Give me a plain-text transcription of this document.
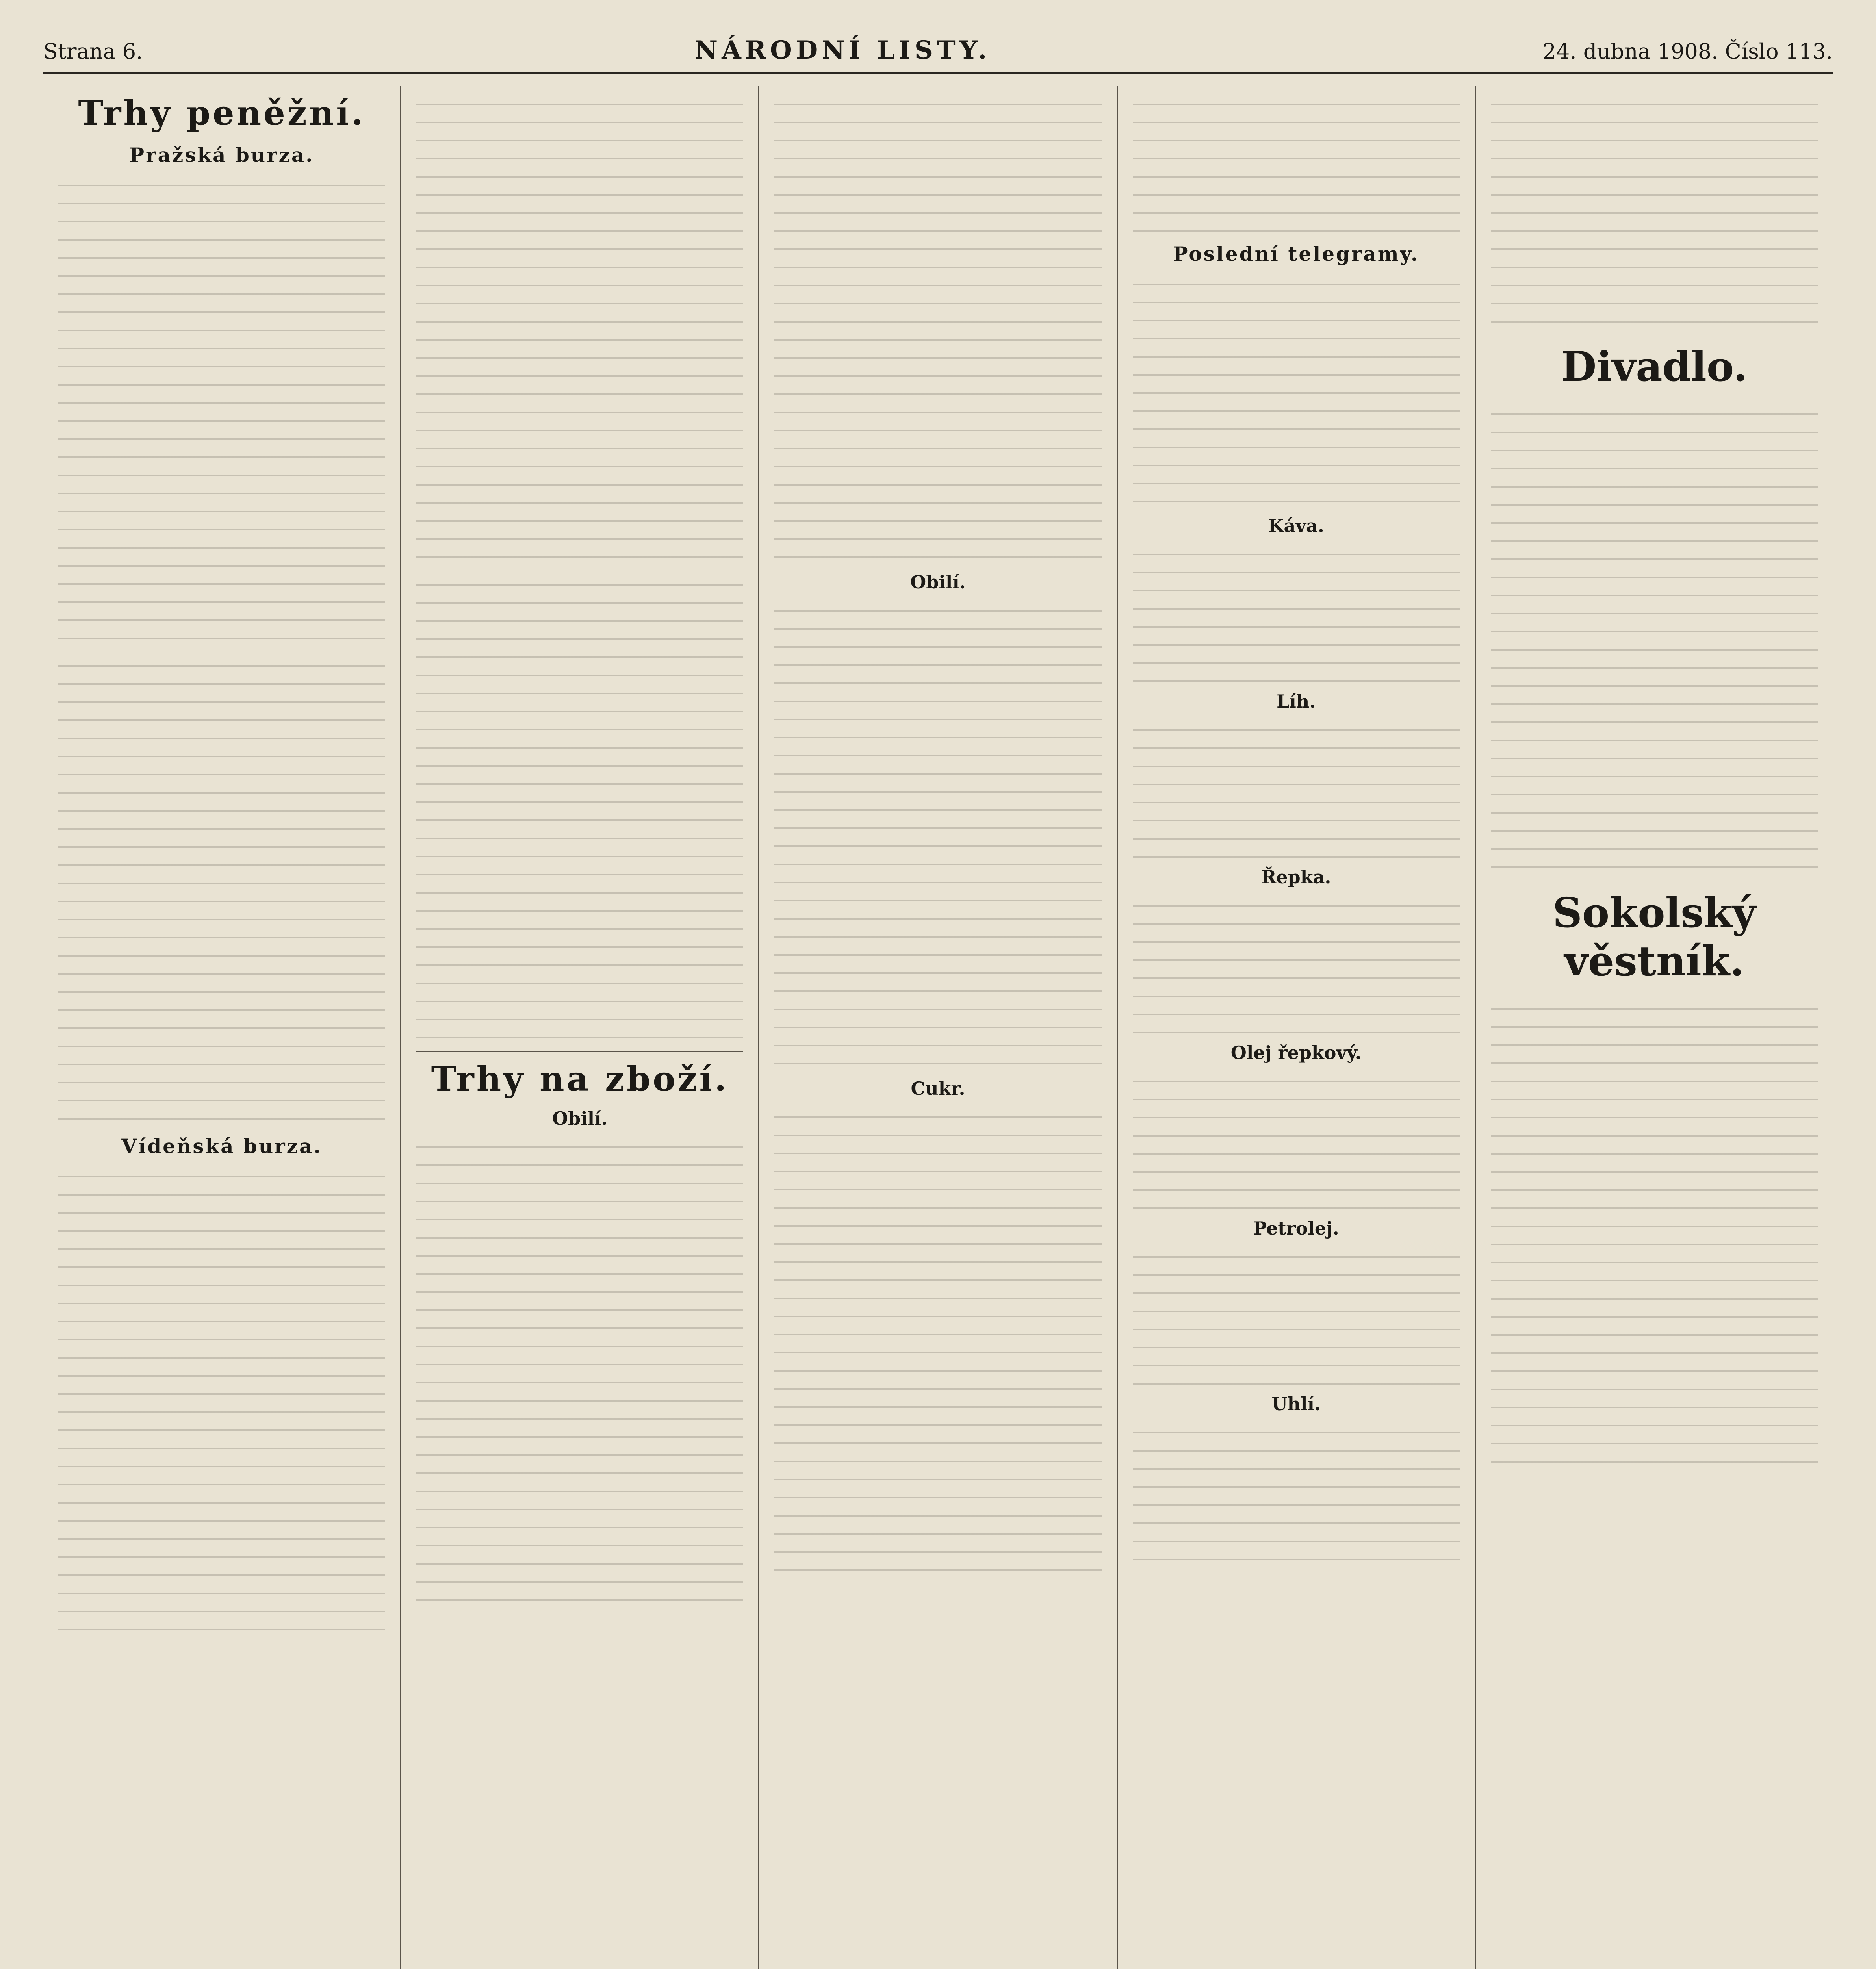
Strana 6.	NÁRODNÍ LISTY.	24. dubna 1908. Číslo 113.
Trhy peněžní.
Pražská burza.
Vídeňská burza.
Trhy na zboží.
Obilí.
Obilí.
Cukr.
Poslední telegramy.
Kávа.
Líh.
Řepka.
Olej řepkový.
Petrolej.
Uhlí.
Divadlo.
Sokolský věstník.
